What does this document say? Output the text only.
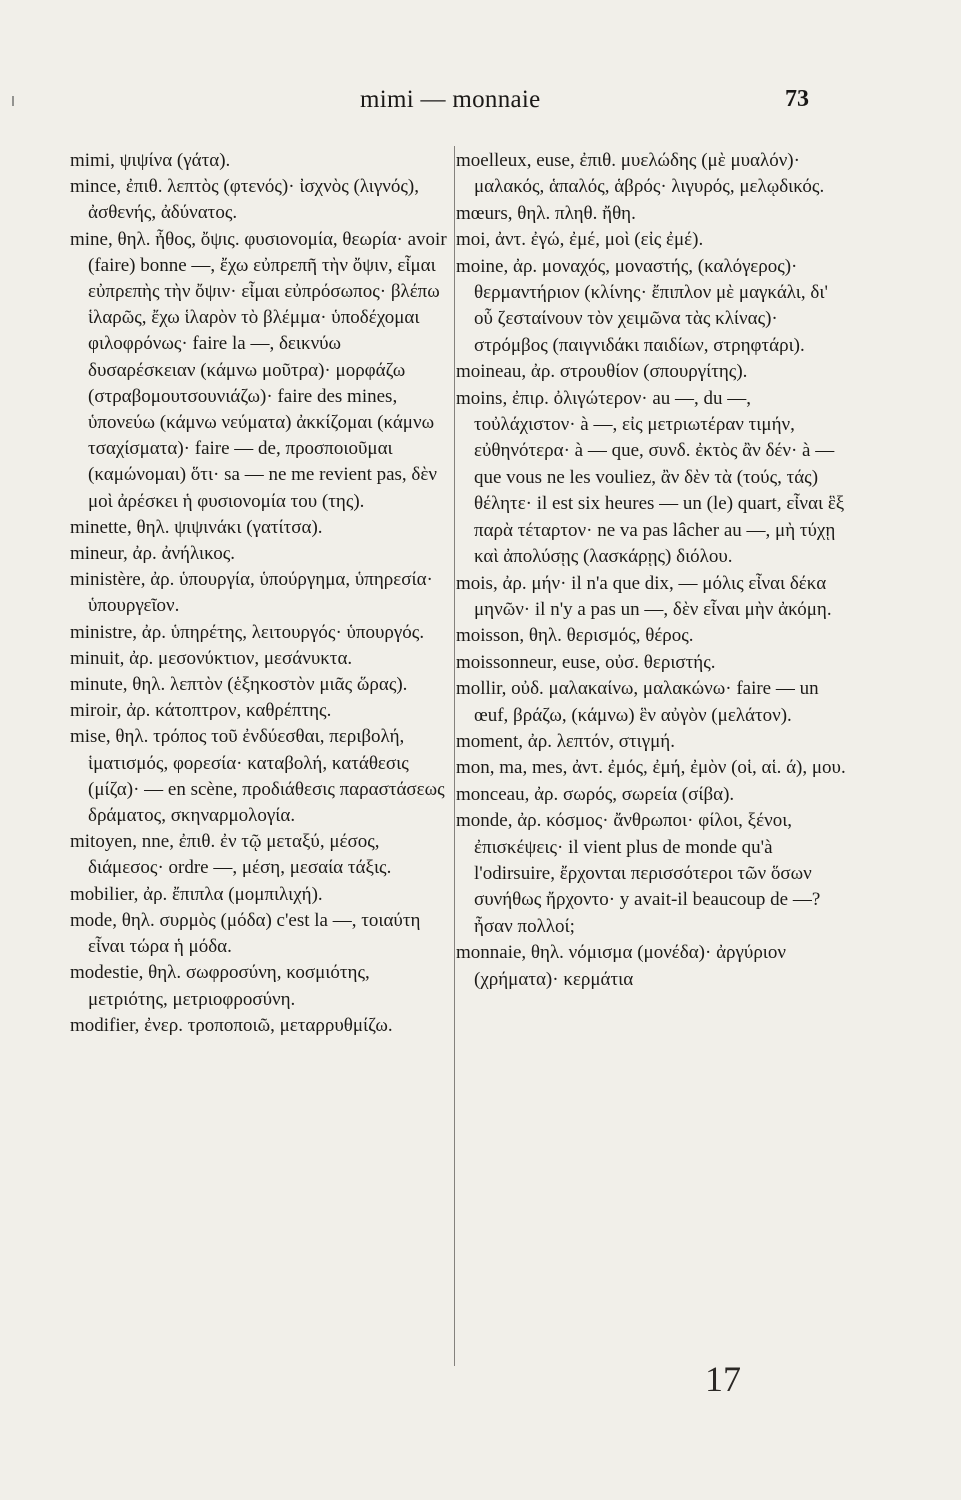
mimi — monnaie	73

mimi, ψιψίνα (γάτα).

mince, ἐπιθ. λεπτὸς (φτενός)· ἰσχνὸς (λιγνός), ἀσθενής, ἀδύνατος.

mine, θηλ. ἦθος, ὄψις. φυσιονομία, θεωρία· avoir (faire) bonne —, ἔχω εὐπρεπῆ τὴν ὄψιν, εἶμαι εὐπρεπὴς τὴν ὄψιν· εἶμαι εὐπρόσωπος· βλέπω ἱλαρῶς, ἔχω ἱλαρὸν τὸ βλέμμα· ὑποδέχομαι φιλοφρόνως· faire la —, δεικνύω δυσαρέσκειαν (κάμνω μοῦτρα)· μορφάζω (στραβομουτσουνιάζω)· faire des mines, ὑπονεύω (κάμνω νεύματα) ἀκκίζομαι (κάμνω τσαχίσματα)· faire — de, προσποιοῦμαι (καμώνομαι) ὅτι· sa — ne me revient pas, δὲν μοὶ ἀρέσκει ἡ φυσιονομία του (της).

minette, θηλ. ψιψινάκι (γατίτσα).

mineur, ἀρ. ἀνήλικος.

ministère, ἀρ. ὑπουργία, ὑπούργημα, ὑπηρεσία· ὑπουργεῖον.

ministre, ἀρ. ὑπηρέτης, λειτουργός· ὑπουργός.

minuit, ἀρ. μεσονύκτιον, μεσάνυκτα.

minute, θηλ. λεπτὸν (ἑξηκοστὸν μιᾶς ὥρας).

miroir, ἀρ. κάτοπτρον, καθρέπτης.

mise, θηλ. τρόπος τοῦ ἐνδύεσθαι, περιβολή, ἱματισμός, φορεσία· καταβολή, κατάθεσις (μίζα)· — en scène, προδιάθεσις παραστάσεως δράματος, σκηναρμολογία.

mitoyen, nne, ἐπιθ. ἐν τῷ μεταξύ, μέσος, διάμεσος· ordre —, μέση, μεσαία τάξις.

mobilier, ἀρ. ἔπιπλα (μομπιλιχή).

mode, θηλ. συρμὸς (μόδα) c'est la —, τοιαύτη εἶναι τώρα ἡ μόδα.

modestie, θηλ. σωφροσύνη, κοσμιότης, μετριότης, μετριοφροσύνη.

modifier, ἐνερ. τροποποιῶ, μεταρρυθμίζω.

moelleux, euse, ἐπιθ. μυελώδης (μὲ μυαλόν)· μαλακός, ἁπαλός, ἁβρός· λιγυρός, μελῳδικός.

mœurs, θηλ. πληθ. ἤθη.

moi, ἀντ. ἐγώ, ἐμέ, μοὶ (εἰς ἐμέ).

moine, ἀρ. μοναχός, μοναστής, (καλόγερος)· θερμαντήριον (κλίνης· ἔπιπλον μὲ μαγκάλι, δι' οὗ ζεσταίνουν τὸν χειμῶνα τὰς κλίνας)· στρόμβος (παιγνιδάκι παιδίων, στρηφτάρι).

moineau, ἀρ. στρουθίον (σπουργίτης).

moins, ἐπιρ. ὀλιγώτερον· au —, du —, τοὐλάχιστον· à —, εἰς μετριωτέραν τιμήν, εὐθηνότερα· à — que, συνδ. ἐκτὸς ἂν δέν· à — que vous ne les vouliez, ἂν δὲν τὰ (τούς, τάς) θέλητε· il est six heures — un (le) quart, εἶναι ἓξ παρὰ τέταρτον· ne va pas lâcher au —, μὴ τύχῃ καὶ ἀπολύσῃς (λασκάρῃς) διόλου.

mois, ἀρ. μήν· il n'a que dix, — μόλις εἶναι δέκα μηνῶν· il n'y a pas un —, δὲν εἶναι μὴν ἀκόμη.

moisson, θηλ. θερισμός, θέρος.

moissonneur, euse, οὐσ. θεριστής.

mollir, οὐδ. μαλακαίνω, μαλακώνω· faire — un œuf, βράζω, (κάμνω) ἓν αὐγὸν (μελάτον).

moment, ἀρ. λεπτόν, στιγμή.

mon, ma, mes, ἀντ. ἐμός, ἐμή, ἐμὸν (οἱ, αἱ. ά), μου.

monceau, ἀρ. σωρός, σωρεία (σίβα).

monde, ἀρ. κόσμος· ἄνθρωποι· φίλοι, ξένοι, ἐπισκέψεις· il vient plus de monde qu'à l'odirsuire, ἔρχονται περισσότεροι τῶν ὅσων συνήθως ἤρχοντο· y avait-il beaucoup de —? ἦσαν πολλοί;

monnaie, θηλ. νόμισμα (μονέδα)· ἀργύριον (χρήματα)· κερμάτια

17
